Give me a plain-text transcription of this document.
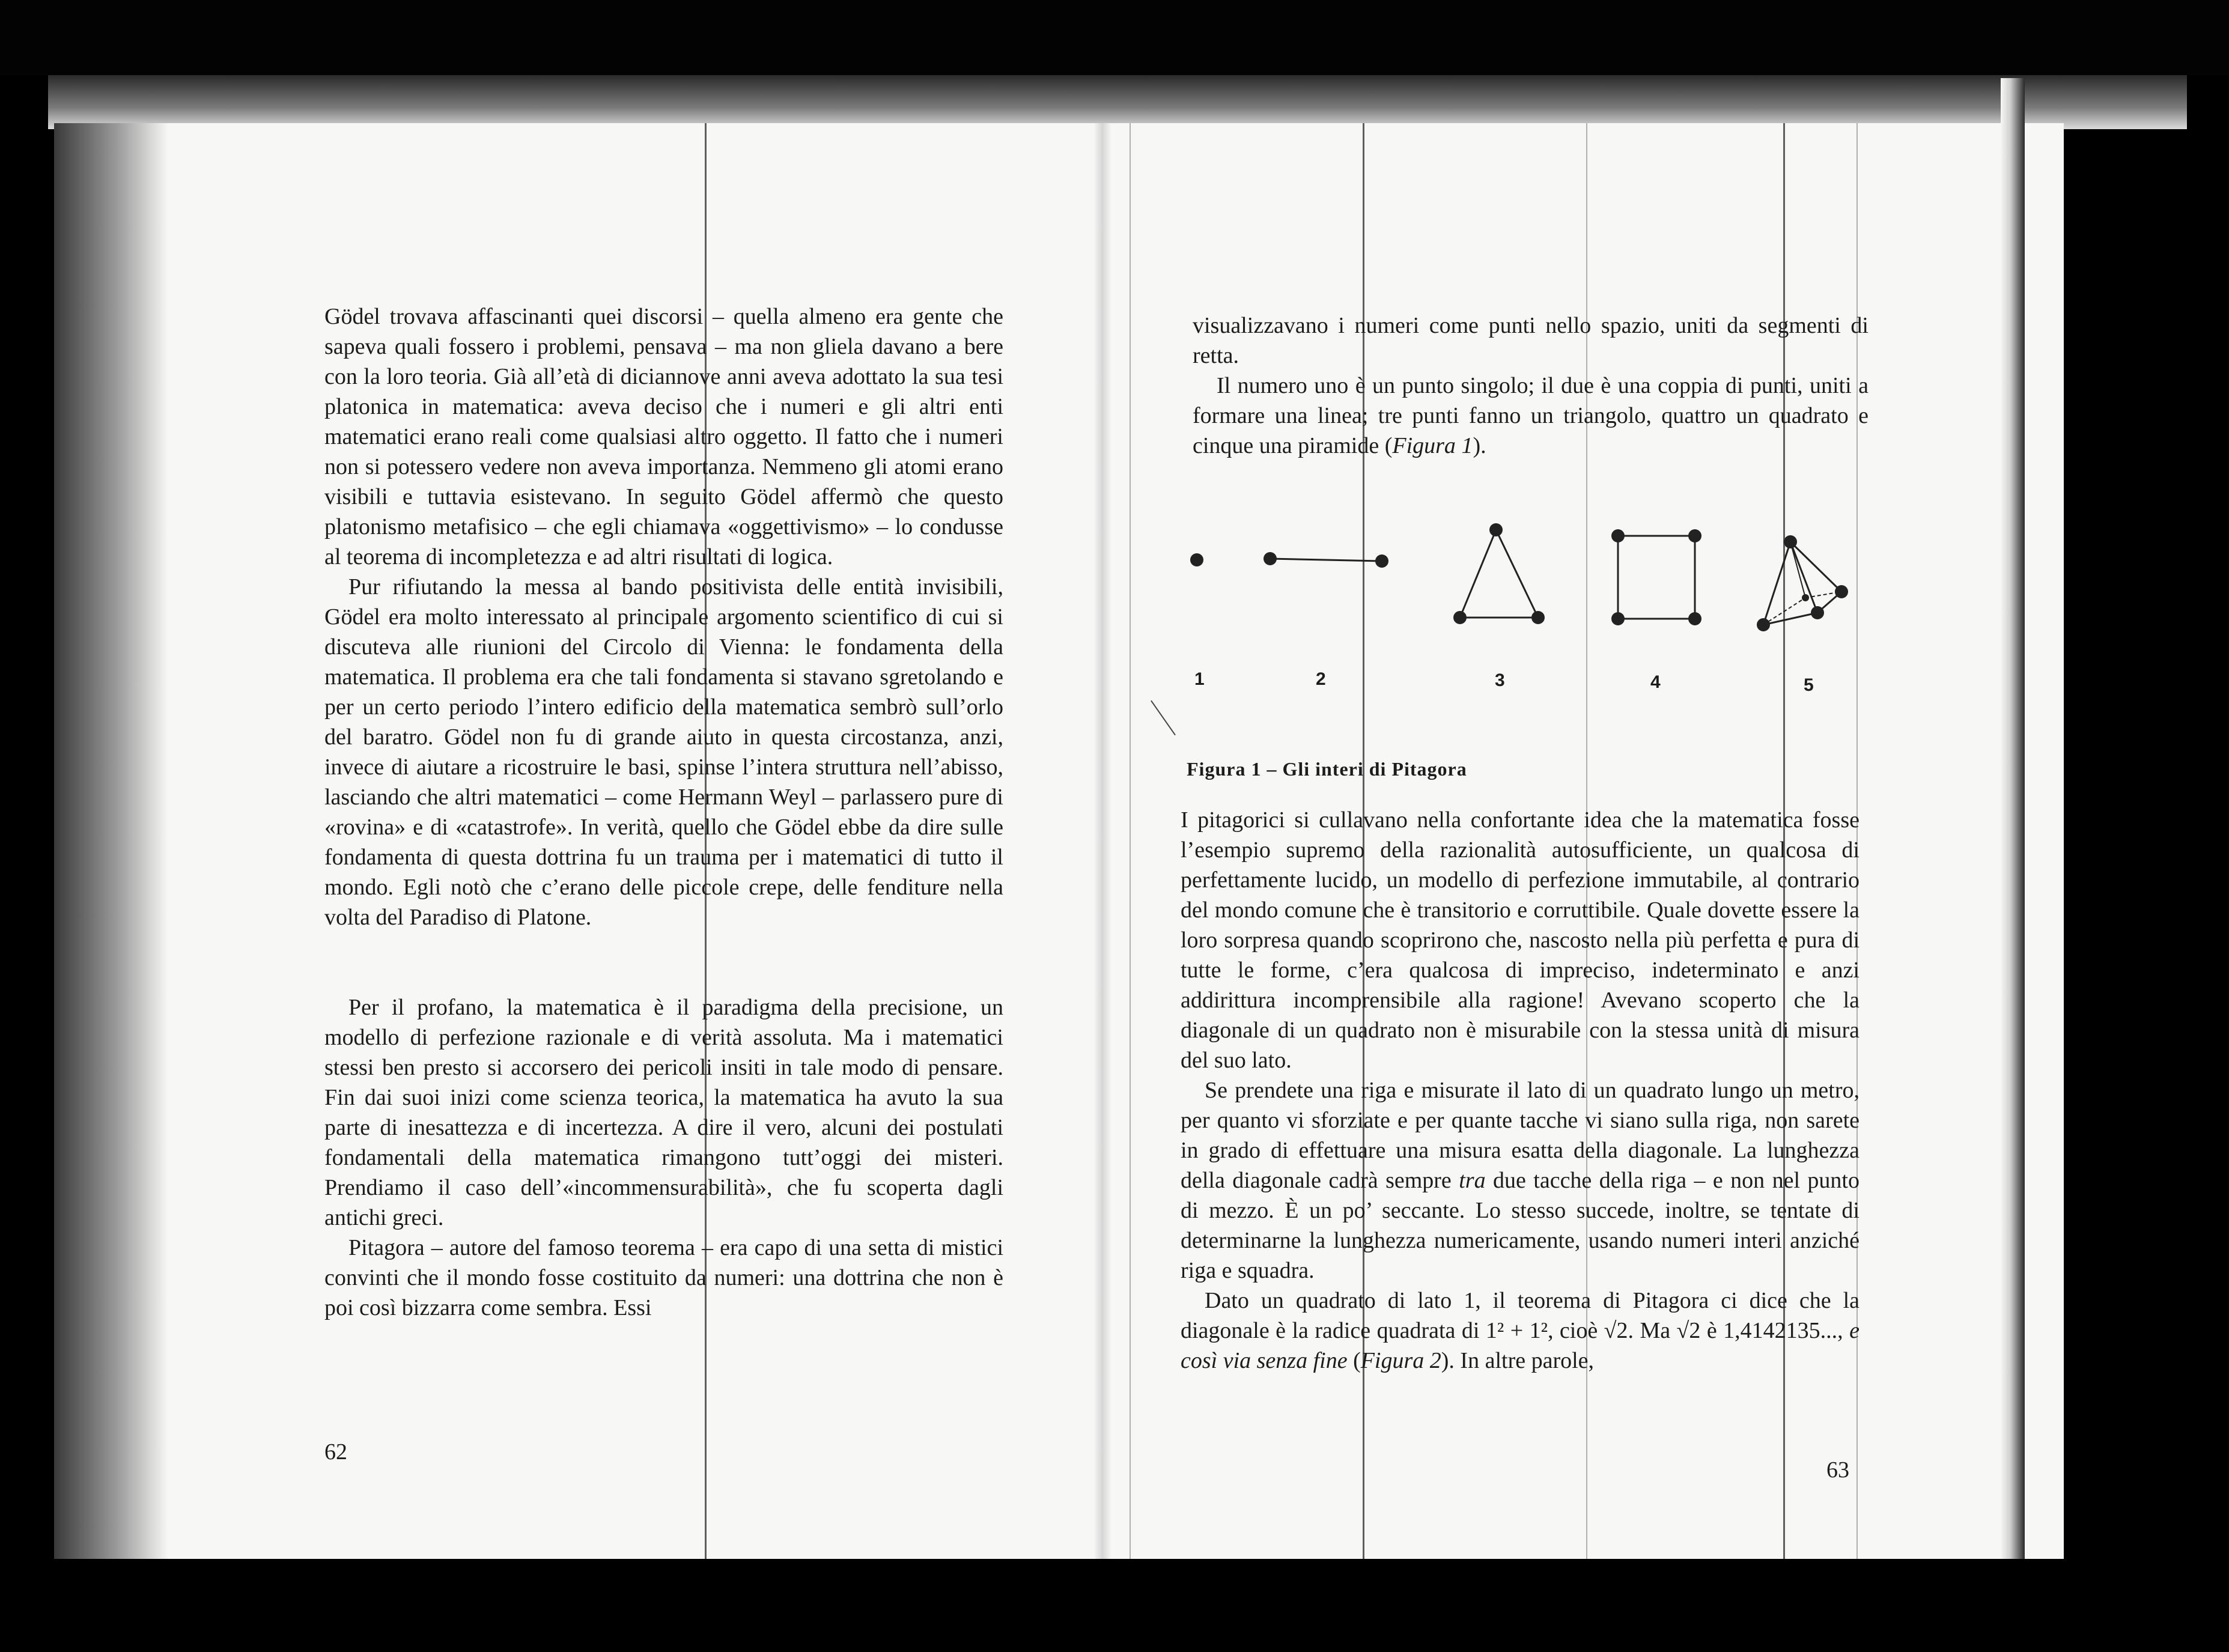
Gödel trovava affascinanti quei discorsi – quella almeno era gente che sapeva quali fossero i problemi, pensava – ma non gliela davano a bere con la loro teoria. Già all’età di diciannove anni aveva adottato la sua tesi platonica in matematica: aveva deciso che i numeri e gli altri enti matematici erano reali come qualsiasi altro oggetto. Il fatto che i numeri non si potessero vedere non aveva importanza. Nemmeno gli atomi erano visibili e tuttavia esistevano. In seguito Gödel affermò che questo platonismo metafisico – che egli chiamava «oggettivismo» – lo condusse al teorema di incompletezza e ad altri risultati di logica.

Pur rifiutando la messa al bando positivista delle entità invisibili, Gödel era molto interessato al principale argomento scientifico di cui si discuteva alle riunioni del Circolo di Vienna: le fondamenta della matematica. Il problema era che tali fondamenta si stavano sgretolando e per un certo periodo l’intero edificio della matematica sembrò sull’orlo del baratro. Gödel non fu di grande aiuto in questa circostanza, anzi, invece di aiutare a ricostruire le basi, spinse l’intera struttura nell’abisso, lasciando che altri matematici – come Hermann Weyl – parlassero pure di «rovina» e di «catastrofe». In verità, quello che Gödel ebbe da dire sulle fondamenta di questa dottrina fu un trauma per i matematici di tutto il mondo. Egli notò che c’erano delle piccole crepe, delle fenditure nella volta del Paradiso di Platone.

Per il profano, la matematica è il paradigma della precisione, un modello di perfezione razionale e di verità assoluta. Ma i matematici stessi ben presto si accorsero dei pericoli insiti in tale modo di pensare. Fin dai suoi inizi come scienza teorica, la matematica ha avuto la sua parte di inesattezza e di incertezza. A dire il vero, alcuni dei postulati fondamentali della matematica rimangono tutt’oggi dei misteri. Prendiamo il caso dell’«incommensurabilità», che fu scoperta dagli antichi greci.

Pitagora – autore del famoso teorema – era capo di una setta di mistici convinti che il mondo fosse costituito da numeri: una dottrina che non è poi così bizzarra come sembra. Essi

62

visualizzavano i numeri come punti nello spazio, uniti da segmenti di retta.

Il numero uno è un punto singolo; il due è una coppia di punti, uniti a formare una linea; tre punti fanno un triangolo, quattro un quadrato e cinque una piramide (Figura 1).

1	2	3	4	5
Figura 1 – Gli interi di Pitagora

I pitagorici si cullavano nella confortante idea che la matematica fosse l’esempio supremo della razionalità autosufficiente, un qualcosa di perfettamente lucido, un modello di perfezione immutabile, al contrario del mondo comune che è transitorio e corruttibile. Quale dovette essere la loro sorpresa quando scoprirono che, nascosto nella più perfetta e pura di tutte le forme, c’era qualcosa di impreciso, indeterminato e anzi addirittura incomprensibile alla ragione! Avevano scoperto che la diagonale di un quadrato non è misurabile con la stessa unità di misura del suo lato.

Se prendete una riga e misurate il lato di un quadrato lungo un metro, per quanto vi sforziate e per quante tacche vi siano sulla riga, non sarete in grado di effettuare una misura esatta della diagonale. La lunghezza della diagonale cadrà sempre tra due tacche della riga – e non nel punto di mezzo. È un po’ seccante. Lo stesso succede, inoltre, se tentate di determinarne la lunghezza numericamente, usando numeri interi anziché riga e squadra.

Dato un quadrato di lato 1, il teorema di Pitagora ci dice che la diagonale è la radice quadrata di 1² + 1², cioè √2. Ma √2 è 1,4142135..., e così via senza fine (Figura 2). In altre parole,

63
